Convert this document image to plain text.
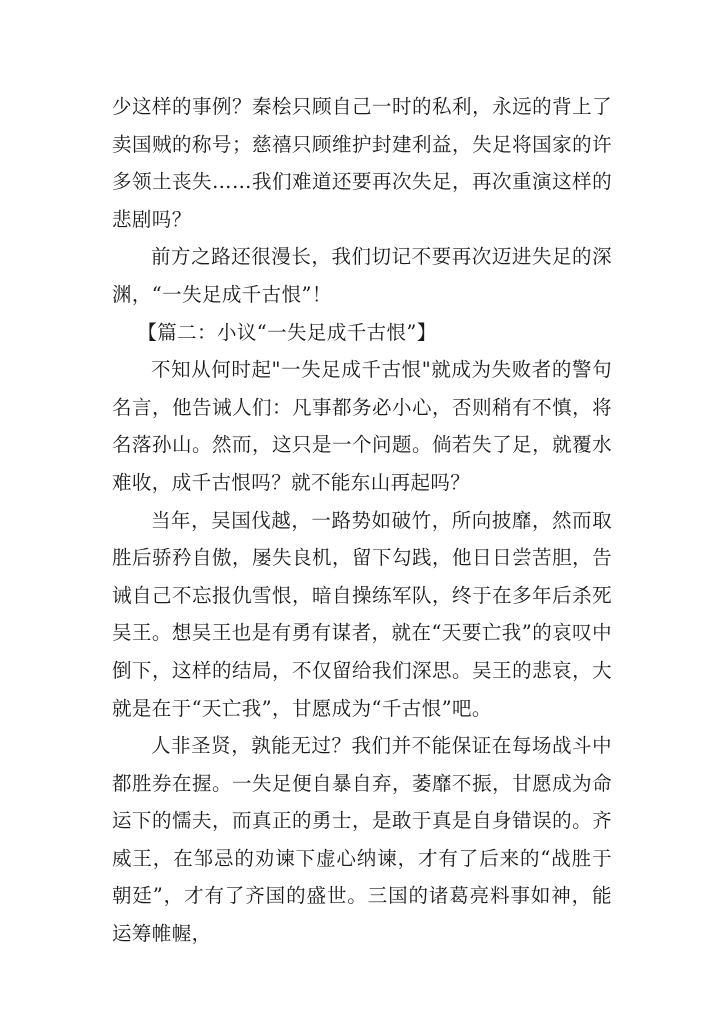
少这样的事例？秦桧只顾自己一时的私利，永远的背上了卖国贼的称号；慈禧只顾维护封建利益，失足将国家的许多领土丧失……我们难道还要再次失足，再次重演这样的悲剧吗？

前方之路还很漫长，我们切记不要再次迈进失足的深渊，“一失足成千古恨”！

【篇二：小议“一失足成千古恨”】

不知从何时起"一失足成千古恨"就成为失败者的警句名言，他告诫人们：凡事都务必小心，否则稍有不慎，将名落孙山。然而，这只是一个问题。倘若失了足，就覆水难收，成千古恨吗？就不能东山再起吗？

当年，吴国伐越，一路势如破竹，所向披靡，然而取胜后骄矜自傲，屡失良机，留下勾践，他日日尝苦胆，告诫自己不忘报仇雪恨，暗自操练军队，终于在多年后杀死吴王。想吴王也是有勇有谋者，就在“天要亡我”的哀叹中倒下，这样的结局，不仅留给我们深思。吴王的悲哀，大就是在于“天亡我”，甘愿成为“千古恨”吧。

人非圣贤，孰能无过？我们并不能保证在每场战斗中都胜券在握。一失足便自暴自弃，萎靡不振，甘愿成为命运下的懦夫，而真正的勇士，是敢于真是自身错误的。齐威王，在邹忌的劝谏下虚心纳谏，才有了后来的“战胜于朝廷”，才有了齐国的盛世。三国的诸葛亮料事如神，能运筹帷幄，
